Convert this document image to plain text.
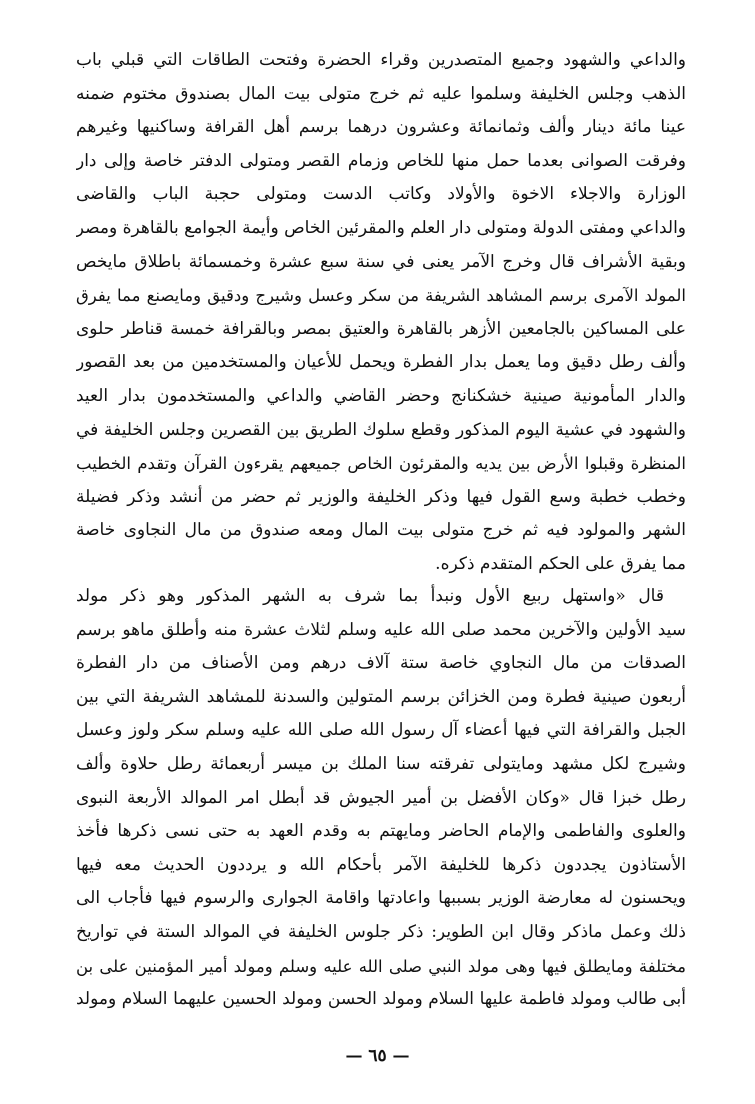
والداعي والشهود وجميع المتصدرين وقراء الحضرة وفتحت الطاقات التي قبلي باب
الذهب وجلس الخليفة وسلموا عليه ثم خرج متولى بيت المال بصندوق مختوم ضمنه
عينا مائة دينار وألف وثمانمائة وعشرون درهما برسم أهل القرافة وساكنيها وغيرهم
وفرقت الصوانى بعدما حمل منها للخاص وزمام القصر ومتولى الدفتر خاصة وإلى دار
الوزارة والاجلاء الاخوة والأولاد وكاتب الدست ومتولى حجبة الباب والقاضى
والداعي ومفتى الدولة ومتولى دار العلم والمقرئين الخاص وأيمة الجوامع بالقاهرة ومصر
وبقية الأشراف قال وخرج الآمر يعنى في سنة سبع عشرة وخمسمائة باطلاق مايخص
المولد الآمرى برسم المشاهد الشريفة من سكر وعسل وشيرج ودقيق ومايصنع مما يفرق
على المساكين بالجامعين الأزهر بالقاهرة والعتيق بمصر وبالقرافة خمسة قناطر حلوى
وألف رطل دقيق وما يعمل بدار الفطرة ويحمل للأعيان والمستخدمين من بعد القصور
والدار المأمونية صينية خشكنانج وحضر القاضي والداعي والمستخدمون بدار العيد
والشهود في عشية اليوم المذكور وقطع سلوك الطريق بين القصرين وجلس الخليفة في
المنظرة وقبلوا الأرض بين يديه والمقرئون الخاص جميعهم يقرءون القرآن وتقدم الخطيب
وخطب خطبة وسع القول فيها وذكر الخليفة والوزير ثم حضر من أنشد وذكر فضيلة
الشهر والمولود فيه ثم خرج متولى بيت المال ومعه صندوق من مال النجاوى خاصة
مما يفرق على الحكم المتقدم ذكره.
قال «واستهل ربيع الأول ونبدأ بما شرف به الشهر المذكور وهو ذكر مولد
سيد الأولين والآخرين محمد صلى الله عليه وسلم لثلاث عشرة منه وأطلق ماهو برسم
الصدقات من مال النجاوي خاصة ستة آلاف درهم ومن الأصناف من دار الفطرة
أربعون صينية فطرة ومن الخزائن برسم المتولين والسدنة للمشاهد الشريفة التي بين
الجبل والقرافة التي فيها أعضاء آل رسول الله صلى الله عليه وسلم سكر ولوز وعسل
وشيرج لكل مشهد ومايتولى تفرقته سنا الملك بن ميسر أربعمائة رطل حلاوة وألف
رطل خبزا قال «وكان الأفضل بن أمير الجيوش قد أبطل امر الموالد الأربعة النبوى
والعلوى والفاطمى والإمام الحاضر ومايهتم به وقدم العهد به حتى نسى ذكرها فأخذ
الأستاذون يجددون ذكرها للخليفة الآمر بأحكام الله و يرددون الحديث معه فيها
ويحسنون له معارضة الوزير بسببها واعادتها واقامة الجوارى والرسوم فيها فأجاب الى
ذلك وعمل ماذكر وقال ابن الطوير: ذكر جلوس الخليفة في الموالد الستة في تواريخ
مختلفة ومايطلق فيها وهى مولد النبي صلى الله عليه وسلم ومولد أمير المؤمنين على بن
أبى طالب ومولد فاطمة عليها السلام ومولد الحسن ومولد الحسين عليهما السلام ومولد
— ٦٥ —
